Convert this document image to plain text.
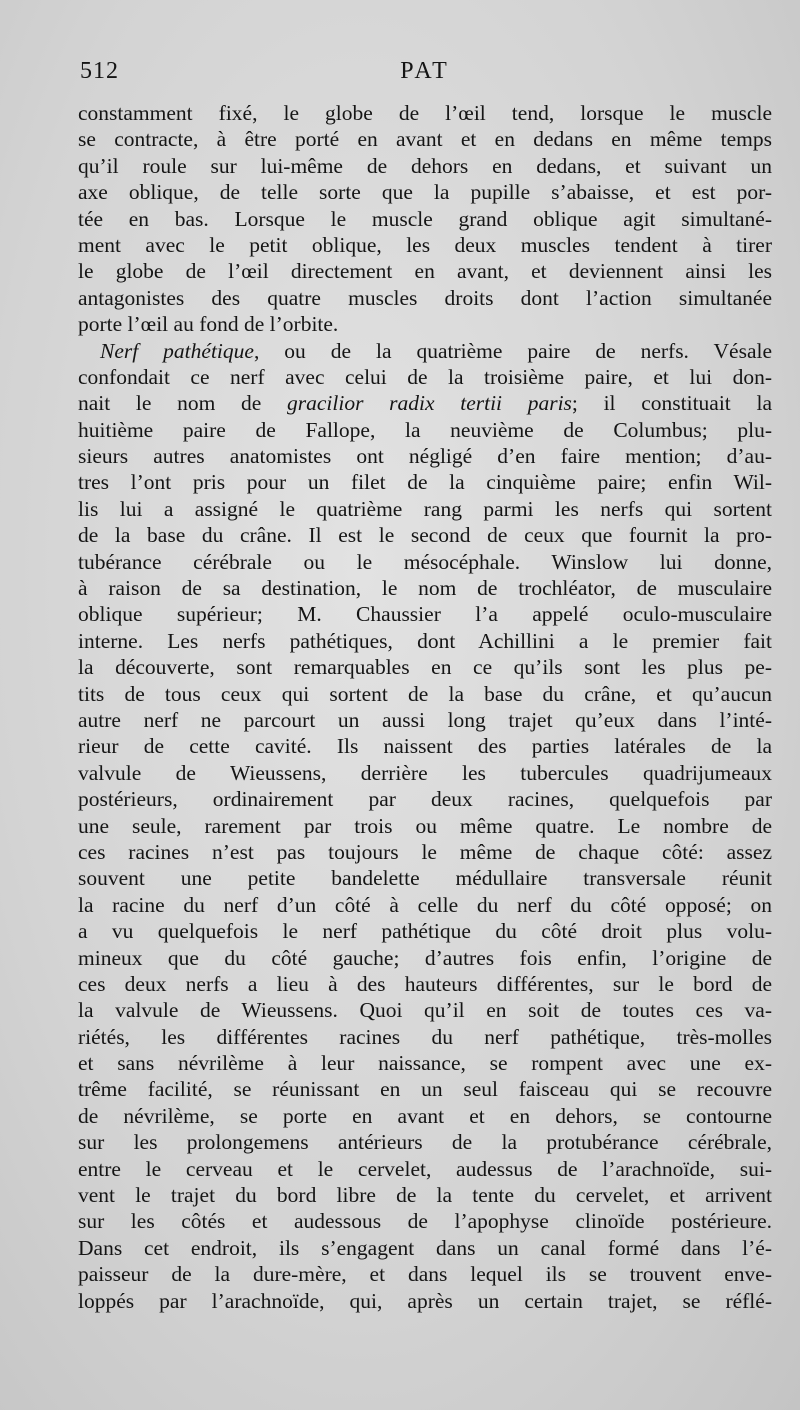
512	PAT
constamment fixé, le globe de l’œil tend, lorsque le muscle
se contracte, à être porté en avant et en dedans en même temps
qu’il roule sur lui-même de dehors en dedans, et suivant un
axe oblique, de telle sorte que la pupille s’abaisse, et est por-
tée en bas. Lorsque le muscle grand oblique agit simultané-
ment avec le petit oblique, les deux muscles tendent à tirer
le globe de l’œil directement en avant, et deviennent ainsi les
antagonistes des quatre muscles droits dont l’action simultanée
porte l’œil au fond de l’orbite.
Nerf pathétique, ou de la quatrième paire de nerfs. Vésale
confondait ce nerf avec celui de la troisième paire, et lui don-
nait le nom de gracilior radix tertii paris; il constituait la
huitième paire de Fallope, la neuvième de Columbus; plu-
sieurs autres anatomistes ont négligé d’en faire mention; d’au-
tres l’ont pris pour un filet de la cinquième paire; enfin Wil-
lis lui a assigné le quatrième rang parmi les nerfs qui sortent
de la base du crâne. Il est le second de ceux que fournit la pro-
tubérance cérébrale ou le mésocéphale. Winslow lui donne,
à raison de sa destination, le nom de trochléator, de musculaire
oblique supérieur; M. Chaussier l’a appelé oculo-musculaire
interne. Les nerfs pathétiques, dont Achillini a le premier fait
la découverte, sont remarquables en ce qu’ils sont les plus pe-
tits de tous ceux qui sortent de la base du crâne, et qu’aucun
autre nerf ne parcourt un aussi long trajet qu’eux dans l’inté-
rieur de cette cavité. Ils naissent des parties latérales de la
valvule de Wieussens, derrière les tubercules quadrijumeaux
postérieurs, ordinairement par deux racines, quelquefois par
une seule, rarement par trois ou même quatre. Le nombre de
ces racines n’est pas toujours le même de chaque côté: assez
souvent une petite bandelette médullaire transversale réunit
la racine du nerf d’un côté à celle du nerf du côté opposé; on
a vu quelquefois le nerf pathétique du côté droit plus volu-
mineux que du côté gauche; d’autres fois enfin, l’origine de
ces deux nerfs a lieu à des hauteurs différentes, sur le bord de
la valvule de Wieussens. Quoi qu’il en soit de toutes ces va-
riétés, les différentes racines du nerf pathétique, très-molles
et sans névrilème à leur naissance, se rompent avec une ex-
trême facilité, se réunissant en un seul faisceau qui se recouvre
de névrilème, se porte en avant et en dehors, se contourne
sur les prolongemens antérieurs de la protubérance cérébrale,
entre le cerveau et le cervelet, audessus de l’arachnoïde, sui-
vent le trajet du bord libre de la tente du cervelet, et arrivent
sur les côtés et audessous de l’apophyse clinoïde postérieure.
Dans cet endroit, ils s’engagent dans un canal formé dans l’é-
paisseur de la dure-mère, et dans lequel ils se trouvent enve-
loppés par l’arachnoïde, qui, après un certain trajet, se réflé-
